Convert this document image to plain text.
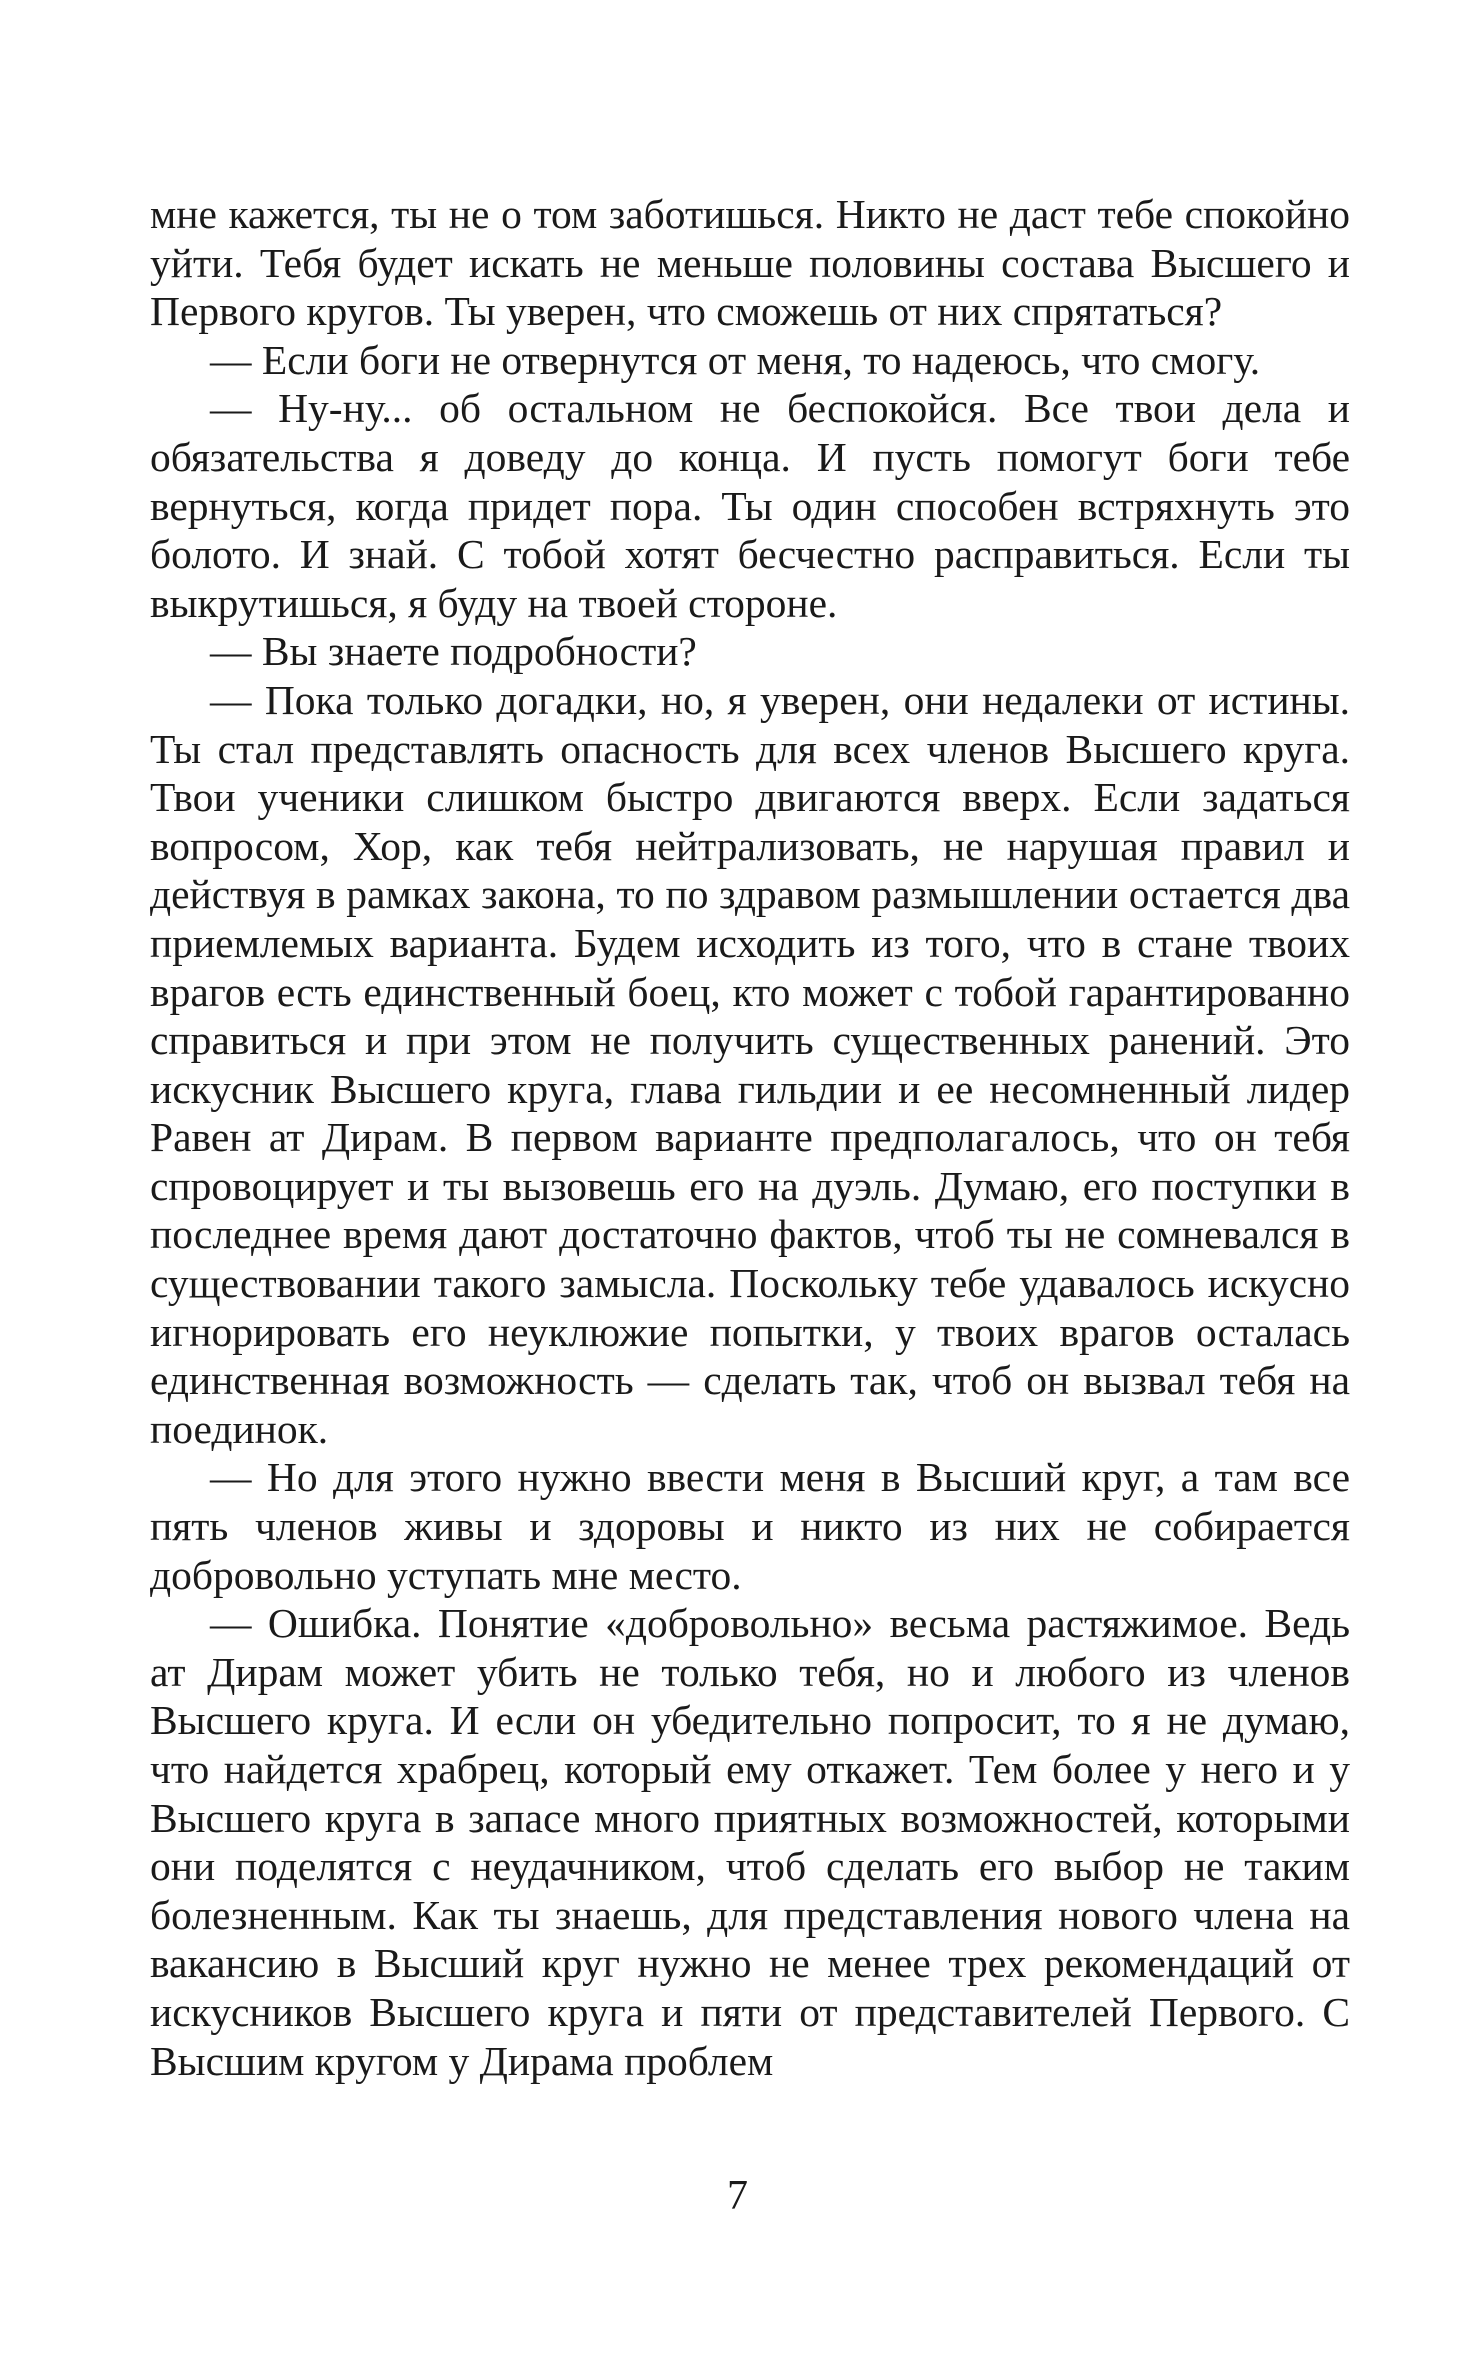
мне кажется, ты не о том заботишься. Никто не даст тебе спокойно уйти. Тебя будет искать не меньше половины состава Высшего и Первого кругов. Ты уверен, что сможешь от них спрятаться?

— Если боги не отвернутся от меня, то надеюсь, что смогу.

— Ну-ну... об остальном не беспокойся. Все твои дела и обязательства я доведу до конца. И пусть помогут боги тебе вернуться, когда придет пора. Ты один способен встряхнуть это болото. И знай. С тобой хотят бесчестно расправиться. Если ты выкрутишься, я буду на твоей стороне.

— Вы знаете подробности?

— Пока только догадки, но, я уверен, они недалеки от истины. Ты стал представлять опасность для всех членов Высшего круга. Твои ученики слишком быстро двигаются вверх. Если задаться вопросом, Хор, как тебя нейтрализовать, не нарушая правил и действуя в рамках закона, то по здравом размышлении остается два приемлемых варианта. Будем исходить из того, что в стане твоих врагов есть единственный боец, кто может с тобой гарантированно справиться и при этом не получить существенных ранений. Это искусник Высшего круга, глава гильдии и ее несомненный лидер Равен ат Дирам. В первом варианте предполагалось, что он тебя спровоцирует и ты вызовешь его на дуэль. Думаю, его поступки в последнее время дают достаточно фактов, чтоб ты не сомневался в существовании такого замысла. Поскольку тебе удавалось искусно игнорировать его неуклюжие попытки, у твоих врагов осталась единственная возможность — сделать так, чтоб он вызвал тебя на поединок.

— Но для этого нужно ввести меня в Высший круг, а там все пять членов живы и здоровы и никто из них не собирается добровольно уступать мне место.

— Ошибка. Понятие «добровольно» весьма растяжимое. Ведь ат Дирам может убить не только тебя, но и любого из членов Высшего круга. И если он убедительно попросит, то я не думаю, что найдется храбрец, который ему откажет. Тем более у него и у Высшего круга в запасе много приятных возможностей, которыми они поделятся с неудачником, чтоб сделать его выбор не таким болезненным. Как ты знаешь, для представления нового члена на вакансию в Высший круг нужно не менее трех рекомендаций от искусников Высшего круга и пяти от представителей Первого. С Высшим кругом у Дирама проблем

7
